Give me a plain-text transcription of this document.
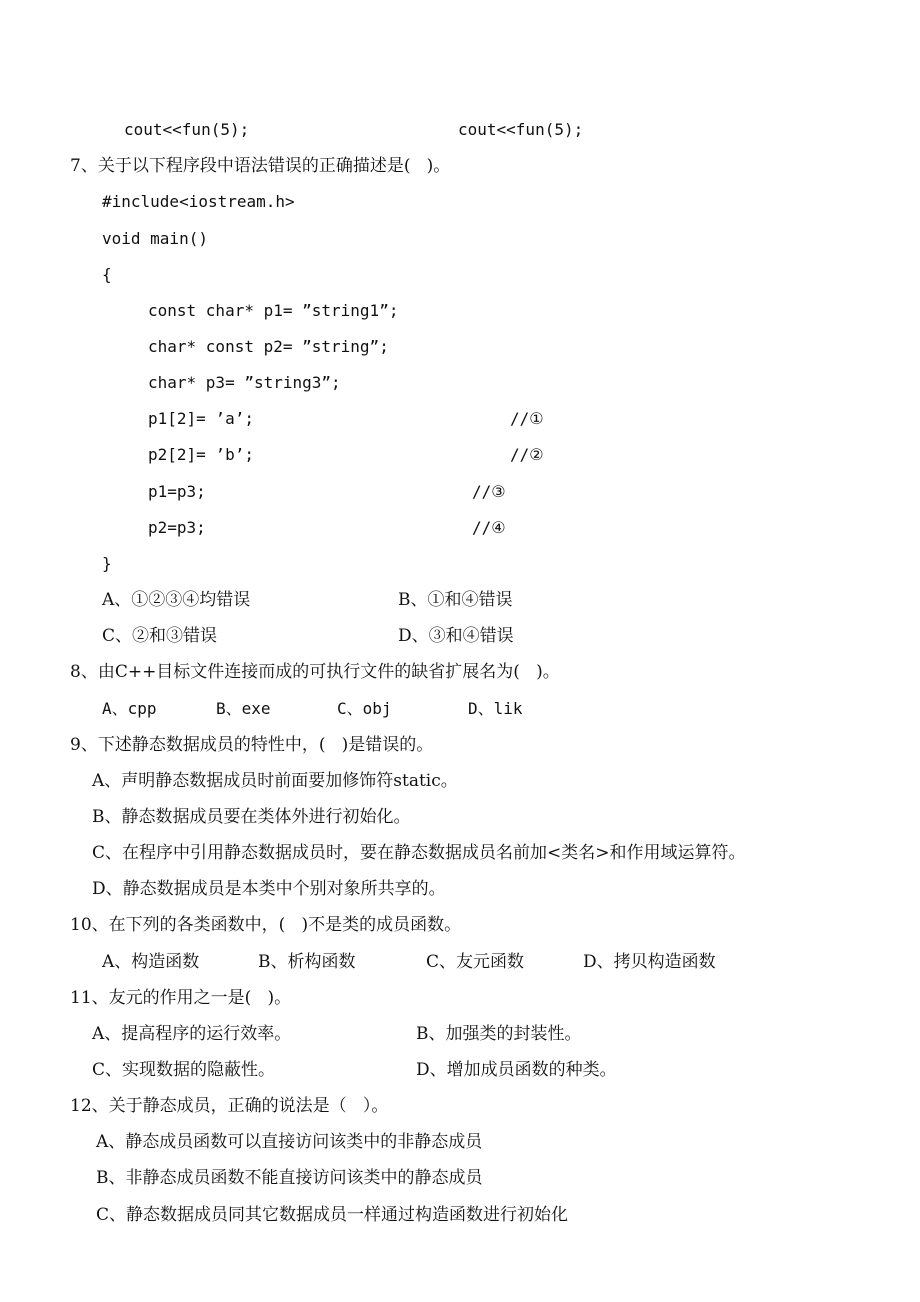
cout<<fun(5);	cout<<fun(5);
7、关于以下程序段中语法错误的正确描述是(   )。
#include<iostream.h>
void main()
{
const char* p1= ”string1”;
char* const p2= ”string”;
char* p3= ”string3”;
p1[2]= ’a’;	//①
p2[2]= ’b’;	//②
p1=p3;	//③
p2=p3;	//④
}
A、①②③④均错误	B、①和④错误
C、②和③错误	D、③和④错误
8、由C++目标文件连接而成的可执行文件的缺省扩展名为(   )。
A、cpp	B、exe	C、obj	D、lik
9、下述静态数据成员的特性中，(   )是错误的。
A、声明静态数据成员时前面要加修饰符static。
B、静态数据成员要在类体外进行初始化。
C、在程序中引用静态数据成员时，要在静态数据成员名前加<类名>和作用域运算符。
D、静态数据成员是本类中个别对象所共享的。
10、在下列的各类函数中，(   )不是类的成员函数。
A、构造函数	B、析构函数	C、友元函数	D、拷贝构造函数
11、友元的作用之一是(   )。
A、提高程序的运行效率。	B、加强类的封装性。
C、实现数据的隐蔽性。	D、增加成员函数的种类。
12、关于静态成员，正确的说法是（   ）。
A、静态成员函数可以直接访问该类中的非静态成员
B、非静态成员函数不能直接访问该类中的静态成员
C、静态数据成员同其它数据成员一样通过构造函数进行初始化
